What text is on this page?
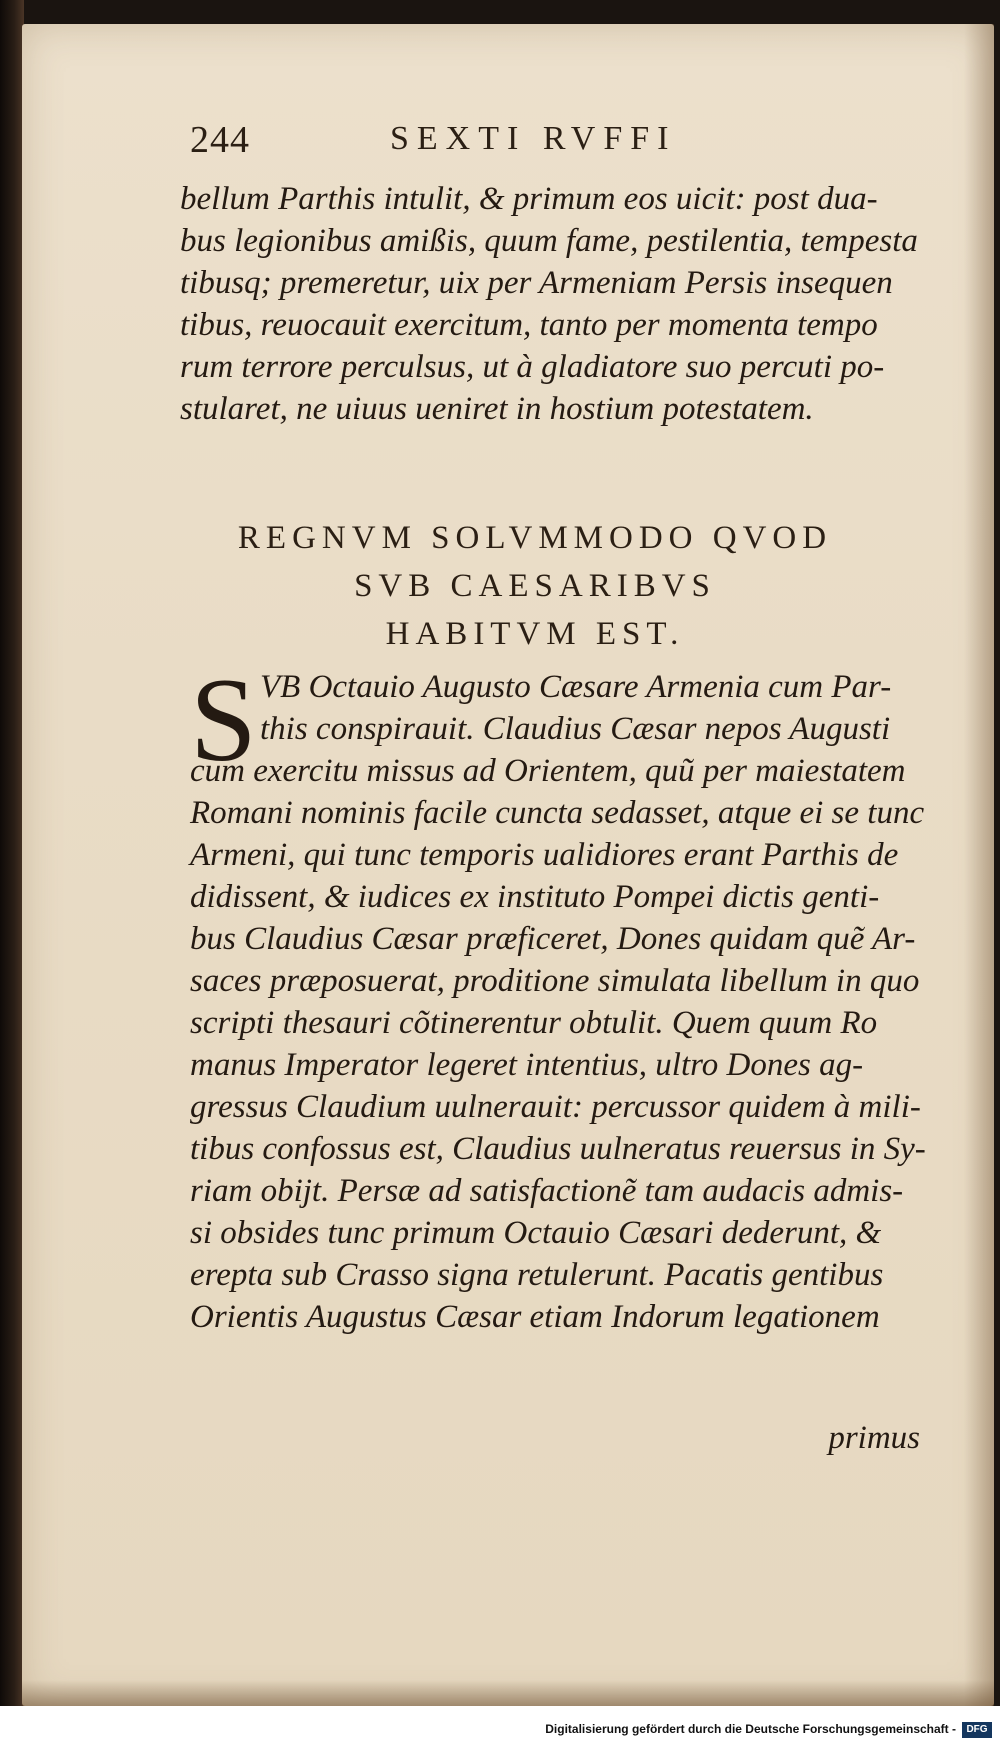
244	SEXTI RVFFI
bellum Parthis intulit, & primum eos uicit: post dua-
bus legionibus amißis, quum fame, pestilentia, tempesta
tibusq; premeretur, uix per Armeniam Persis insequen
tibus, reuocauit exercitum, tanto per momenta tempo
rum terrore perculsus, ut à gladiatore suo percuti po-
stularet, ne uiuus ueniret in hostium potestatem.
REGNVM SOLVMMODO QVOD
SVB CAESARIBVS
HABITVM EST.
S VB Octauio Augusto Cæsare Armenia cum Par-
this conspirauit. Claudius Cæsar nepos Augusti
cum exercitu missus ad Orientem, quũ per maiestatem
Romani nominis facile cuncta sedasset, atque ei se tunc
Armeni, qui tunc temporis ualidiores erant Parthis de
didissent, & iudices ex instituto Pompei dictis genti-
bus Claudius Cæsar præficeret, Dones quidam quẽ Ar-
saces præposuerat, proditione simulata libellum in quo
scripti thesauri cõtinerentur obtulit. Quem quum Ro
manus Imperator legeret intentius, ultro Dones ag-
gressus Claudium uulnerauit: percussor quidem à mili-
tibus confossus est, Claudius uulneratus reuersus in Sy-
riam obijt. Persæ ad satisfactionẽ tam audacis admis-
si obsides tunc primum Octauio Cæsari dederunt, &
erepta sub Crasso signa retulerunt. Pacatis gentibus
Orientis Augustus Cæsar etiam Indorum legationem
primus
Digitalisierung gefördert durch die Deutsche Forschungsgemeinschaft -	DFG
